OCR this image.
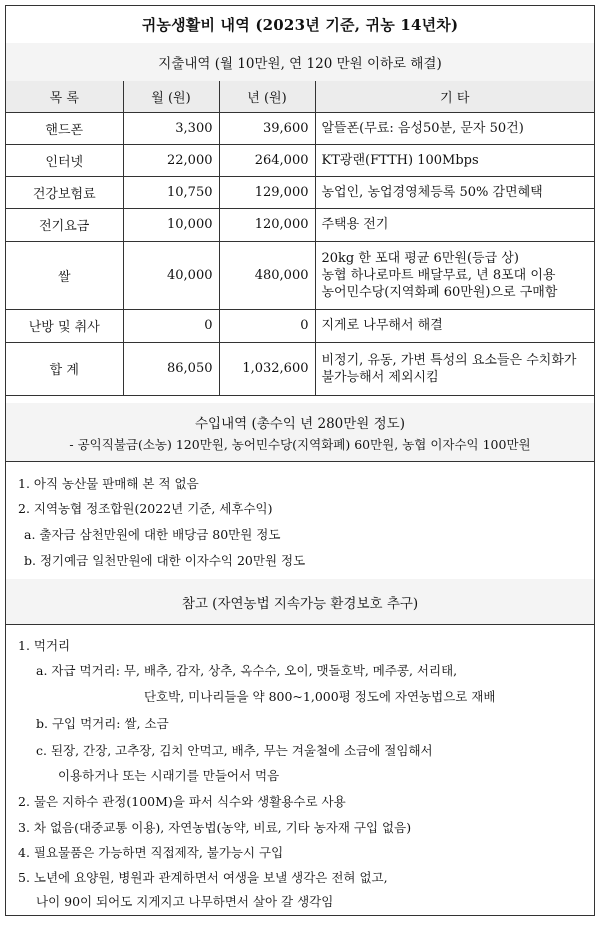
귀농생활비 내역 (2023년 기준, 귀농 14년차)
지출내역 (월 10만원, 연 120 만원 이하로 해결)
목 록	월 (원)	년 (원)	기 타
핸드폰	3,300	39,600	알뜰폰(무료: 음성50분, 문자 50건)

인터넷	22,000	264,000	KT광랜(FTTH) 100Mbps

건강보험료	10,750	129,000	농업인, 농업경영체등록 50% 감면혜택

전기요금	10,000	120,000	주택용 전기

쌀	40,000	480,000	20kg 한 포대 평균 6만원(등급 상)
농협 하나로마트 배달무료, 년 8포대 이용
농어민수당(지역화폐 60만원)으로 구매함

난방 및 취사	0	0	지게로 나무해서 해결

합 계	86,050	1,032,600	비정기, 유동, 가변 특성의 요소들은 수치화가
불가능해서 제외시킴
수입내역 (총수익 년 280만원 정도)
- 공익직불금(소농) 120만원, 농어민수당(지역화폐) 60만원, 농협 이자수익 100만원
1. 아직 농산물 판매해 본 적 없음
2. 지역농협 정조합원(2022년 기준, 세후수익)
a. 출자금 삼천만원에 대한 배당금 80만원 정도
b. 정기예금 일천만원에 대한 이자수익 20만원 정도
참고 (자연농법 지속가능 환경보호 추구)
1. 먹거리
a. 자급 먹거리: 무, 배추, 감자, 상추, 옥수수, 오이, 맷돌호박, 메주콩, 서리태,
단호박, 미나리들을 약 800~1,000평 정도에 자연농법으로 재배
b. 구입 먹거리: 쌀, 소금
c. 된장, 간장, 고추장, 김치 안먹고, 배추, 무는 겨울철에 소금에 절임해서
이용하거나 또는 시래기를 만들어서 먹음
2. 물은 지하수 관정(100M)을 파서 식수와 생활용수로 사용
3. 차 없음(대중교통 이용), 자연농법(농약, 비료, 기타 농자재 구입 없음)
4. 필요물품은 가능하면 직접제작, 불가능시 구입
5. 노년에 요양원, 병원과 관계하면서 여생을 보낼 생각은 전혀 없고,
나이 90이 되어도 지게지고 나무하면서 살아 갈 생각임
